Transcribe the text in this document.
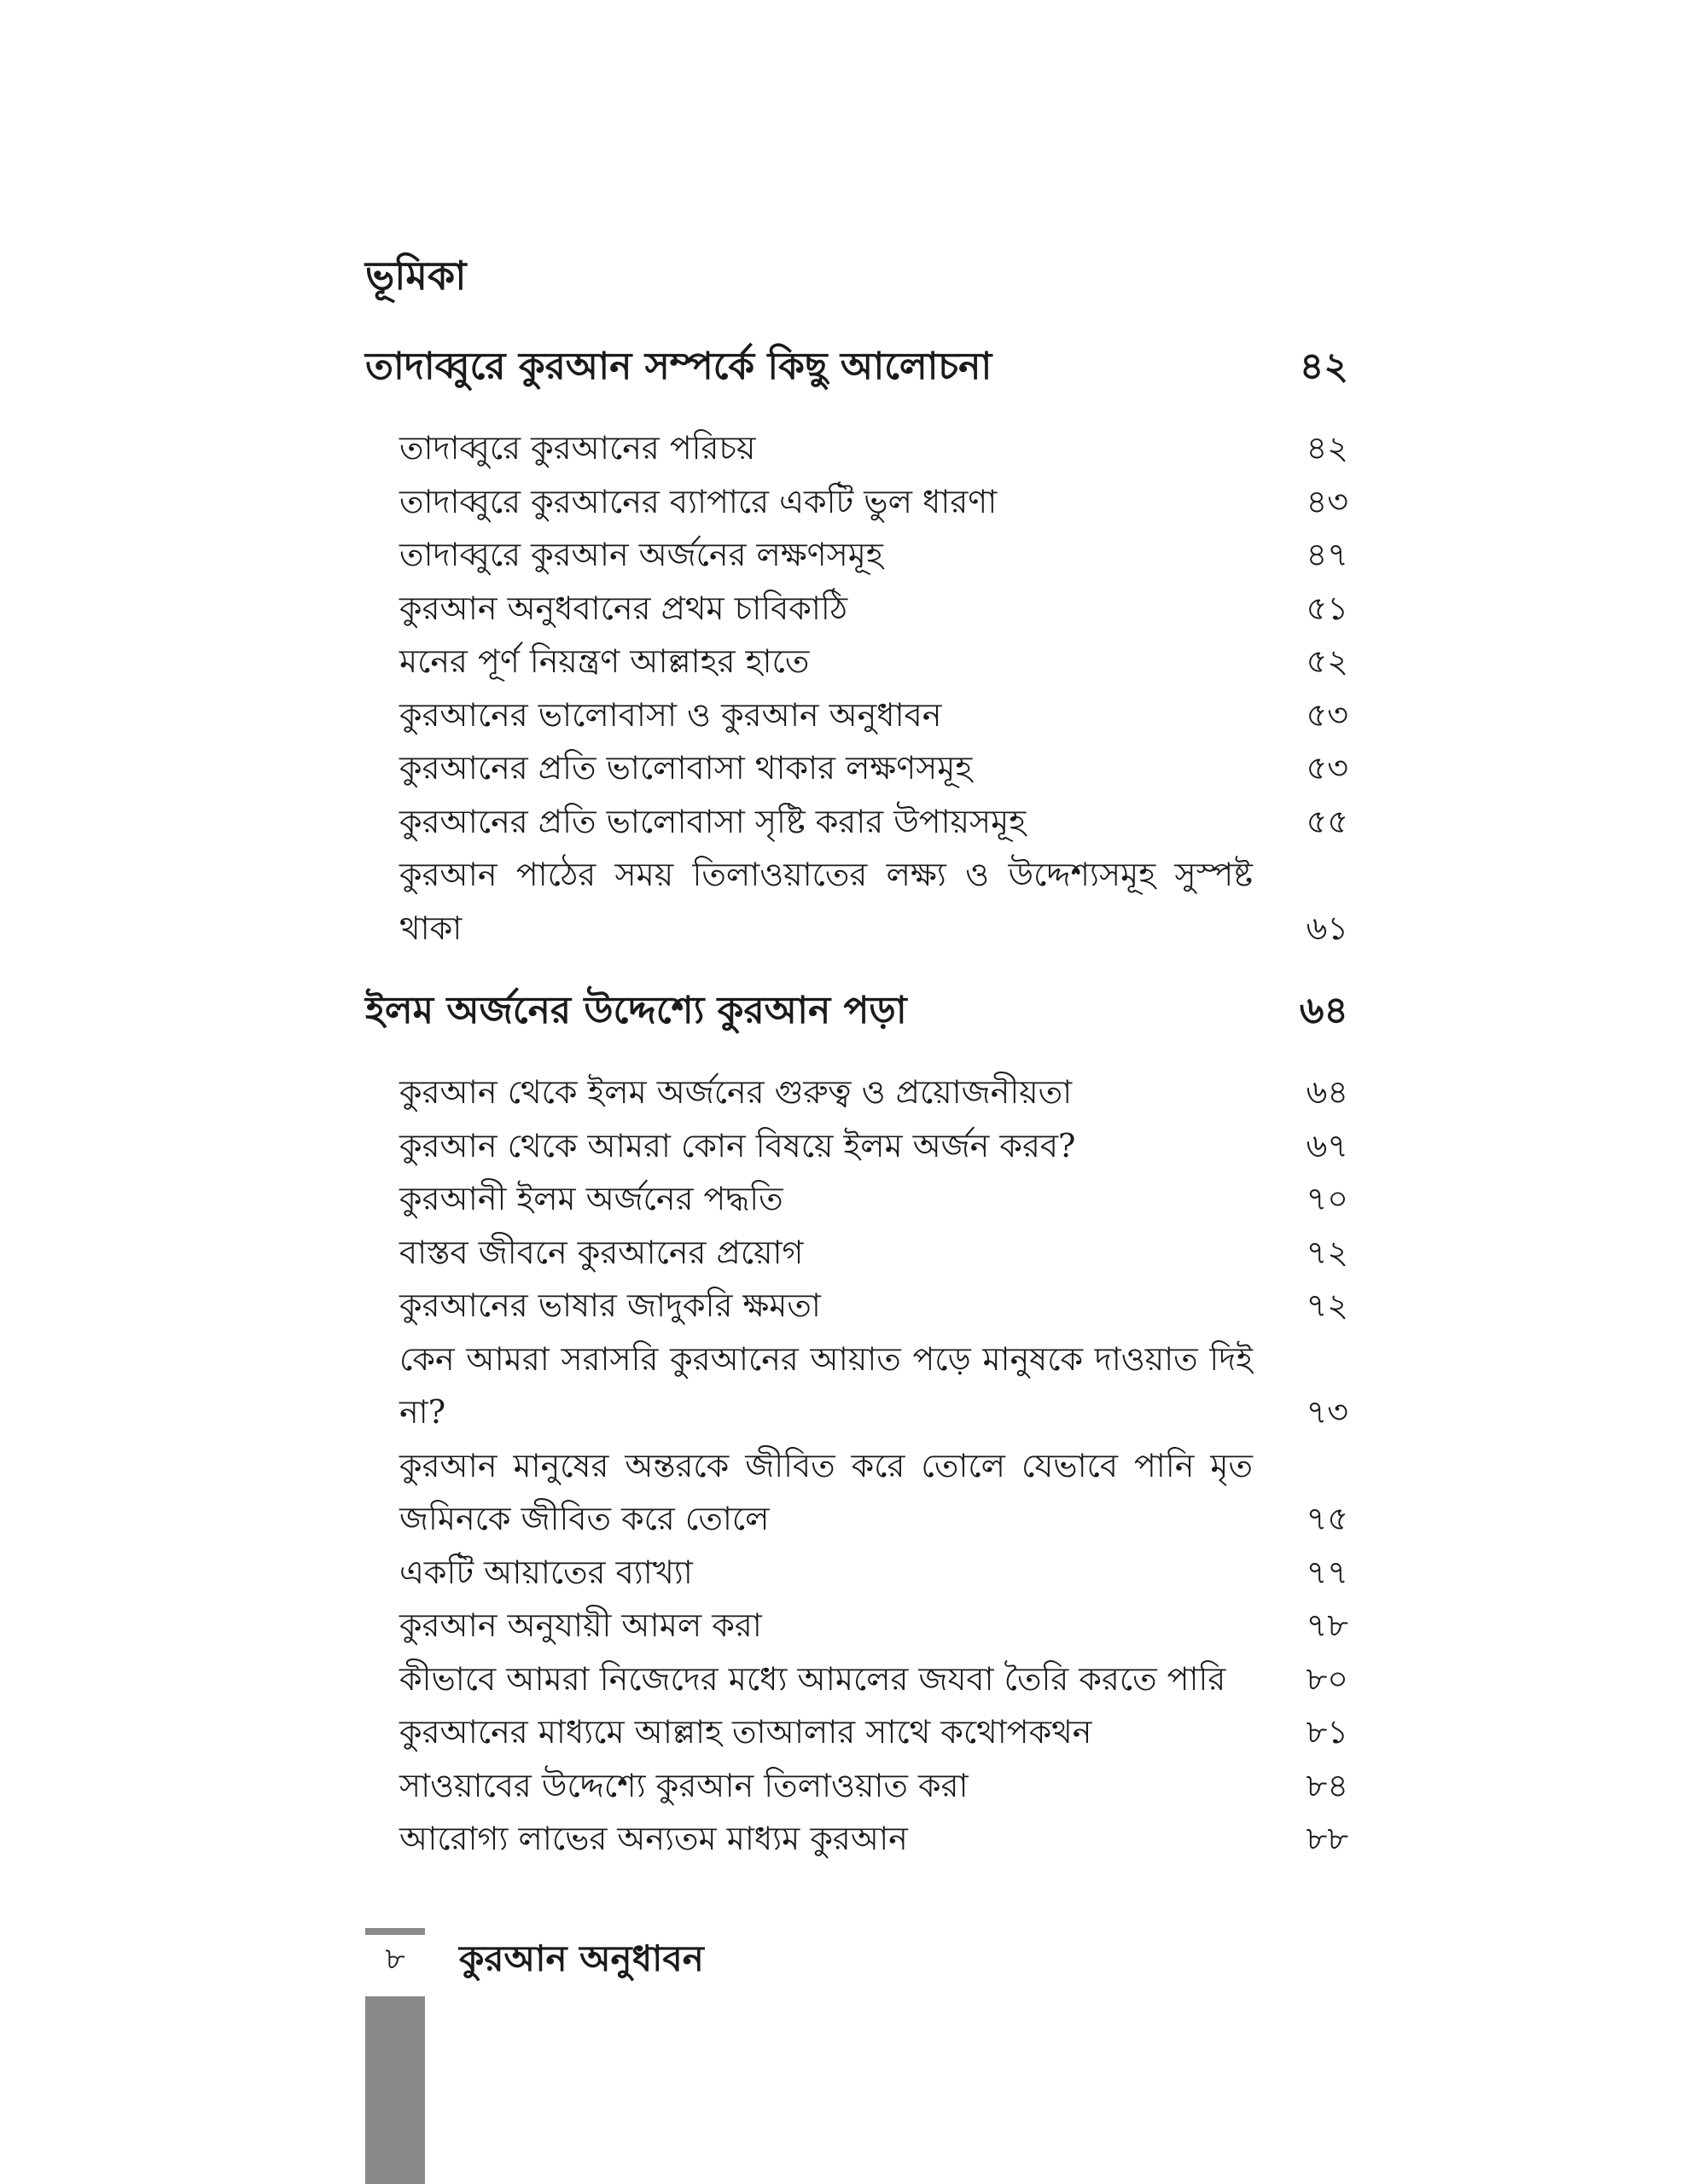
ভূমিকা
তাদাব্বুরে কুরআন সম্পর্কে কিছু আলোচনা	৪২
তাদাব্বুরে কুরআনের পরিচয়	৪২
তাদাব্বুরে কুরআনের ব্যাপারে একটি ভুল ধারণা	৪৩
তাদাব্বুরে কুরআন অর্জনের লক্ষণসমূহ	৪৭
কুরআন অনুধবানের প্রথম চাবিকাঠি	৫১
মনের পূর্ণ নিয়ন্ত্রণ আল্লাহর হাতে	৫২
কুরআনের ভালোবাসা ও কুরআন অনুধাবন	৫৩
কুরআনের প্রতি ভালোবাসা থাকার লক্ষণসমূহ	৫৩
কুরআনের প্রতি ভালোবাসা সৃষ্টি করার উপায়সমূহ	৫৫
কুরআন পাঠের সময় তিলাওয়াতের লক্ষ্য ও উদ্দেশ্যসমূহ সুস্পষ্ট থাকা	৬১
ইলম অর্জনের উদ্দেশ্যে কুরআন পড়া	৬৪
কুরআন থেকে ইলম অর্জনের গুরুত্ব ও প্রয়োজনীয়তা	৬৪
কুরআন থেকে আমরা কোন বিষয়ে ইলম অর্জন করব?	৬৭
কুরআনী ইলম অর্জনের পদ্ধতি	৭০
বাস্তব জীবনে কুরআনের প্রয়োগ	৭২
কুরআনের ভাষার জাদুকরি ক্ষমতা	৭২
কেন আমরা সরাসরি কুরআনের আয়াত পড়ে মানুষকে দাওয়াত দিই না?	৭৩
কুরআন মানুষের অন্তরকে জীবিত করে তোলে যেভাবে পানি মৃত জমিনকে জীবিত করে তোলে	৭৫
একটি আয়াতের ব্যাখ্যা	৭৭
কুরআন অনুযায়ী আমল করা	৭৮
কীভাবে আমরা নিজেদের মধ্যে আমলের জযবা তৈরি করতে পারি	৮০
কুরআনের মাধ্যমে আল্লাহ তাআলার সাথে কথোপকথন	৮১
সাওয়াবের উদ্দেশ্যে কুরআন তিলাওয়াত করা	৮৪
আরোগ্য লাভের অন্যতম মাধ্যম কুরআন	৮৮
৮	কুরআন অনুধাবন
